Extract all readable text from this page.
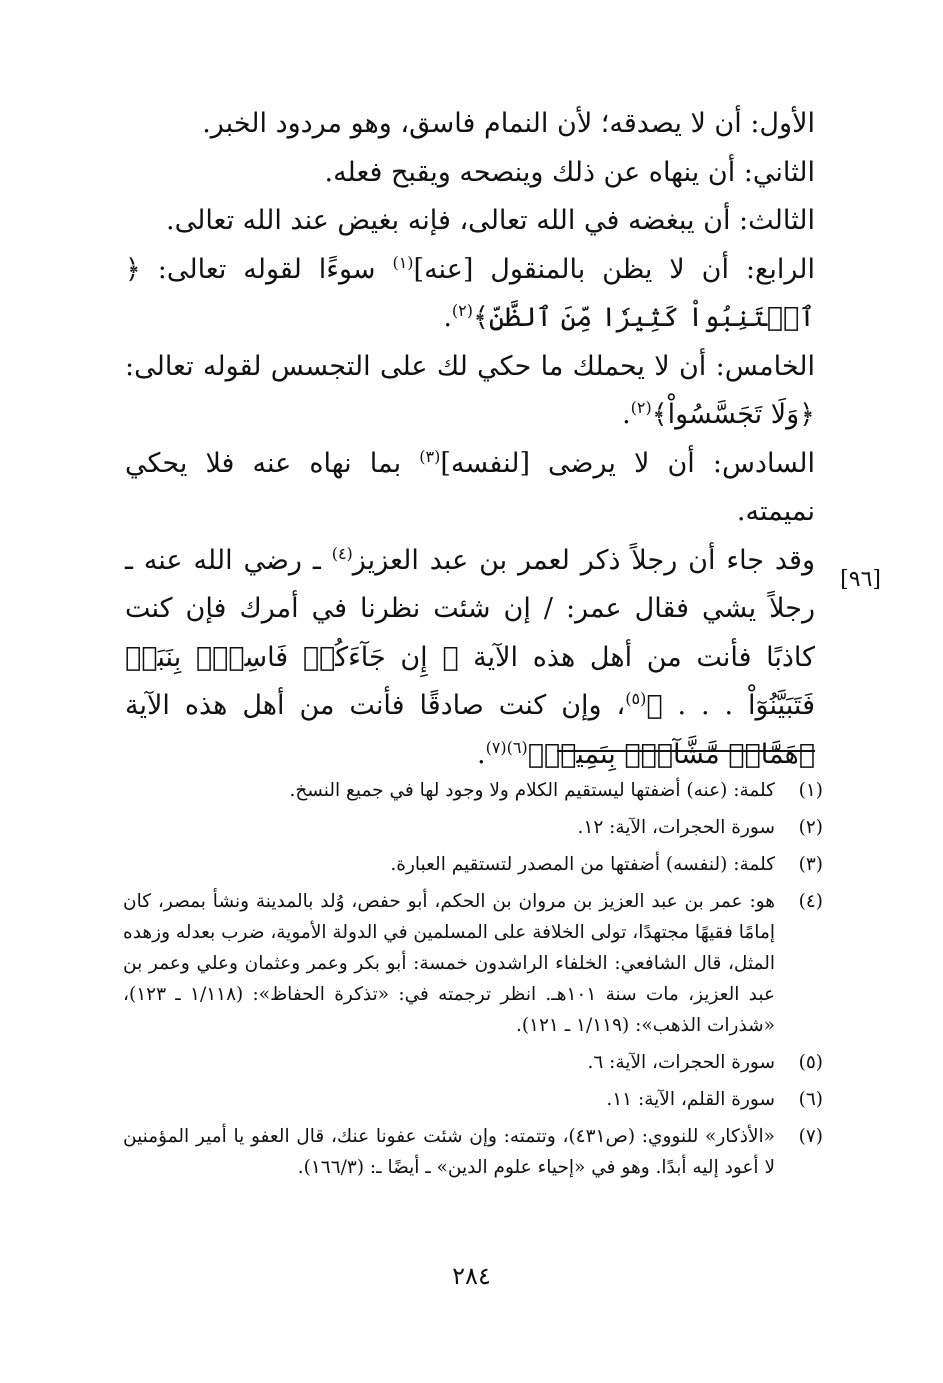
الأول: أن لا يصدقه؛ لأن النمام فاسق، وهو مردود الخبر.

الثاني: أن ينهاه عن ذلك وينصحه ويقبح فعله.

الثالث: أن يبغضه في الله تعالى، فإنه بغيض عند الله تعالى.

الرابع: أن لا يظن بالمنقول [عنه]$^{(١)}$ سوءًا لقوله تعالى: ﴿ ٱجۡتَنِبُواْ كَثِيرٗا مِّنَ ٱلظَّنِّ﴾$^{(٢)}$.

الخامس: أن لا يحملك ما حكي لك على التجسس لقوله تعالى: ﴿وَلَا تَجَسَّسُواْ﴾$^{(٢)}$.

السادس: أن لا يرضى [لنفسه]$^{(٣)}$ بما نهاه عنه فلا يحكي نميمته.

وقد جاء أن رجلاً ذكر لعمر بن عبد العزيز$^{(٤)}$ ـ رضي الله عنه ـ رجلاً يشي فقال عمر: / إن شئت نظرنا في أمرك فإن كنت كاذبًا فأنت من أهل هذه الآية ﴿ إِن جَآءَكُمۡ فَاسِقُۢ بِنَبَإٖ فَتَبَيَّنُوٓاْ . . . ﴾$^{(٥)}$، وإن كنت صادقًا فأنت من أهل هذه الآية ﴿هَمَّازٖ مَّشَّآءِۭ بِنَمِيمٖ﴾$^{(٦)(٧)}$.

[٩٦]
(١)
كلمة: (عنه) أضفتها ليستقيم الكلام ولا وجود لها في جميع النسخ.
(٢)
سورة الحجرات، الآية: ١٢.
(٣)
كلمة: (لنفسه) أضفتها من المصدر لتستقيم العبارة.
(٤)
هو: عمر بن عبد العزيز بن مروان بن الحكم، أبو حفص، وُلد بالمدينة ونشأ بمصر، كان إمامًا فقيهًا مجتهدًا، تولى الخلافة على المسلمين في الدولة الأموية، ضرب بعدله وزهده المثل، قال الشافعي: الخلفاء الراشدون خمسة: أبو بكر وعمر وعثمان وعلي وعمر بن عبد العزيز، مات سنة ١٠١هـ. انظر ترجمته في: «تذكرة الحفاظ»: (١/١١٨ ـ ١٢٣)، «شذرات الذهب»: (١/١١٩ ـ ١٢١).
(٥)
سورة الحجرات، الآية: ٦.
(٦)
سورة القلم، الآية: ١١.
(٧)
«الأذكار» للنووي: (ص٤٣١)، وتتمته: وإن شئت عفونا عنك، قال العفو يا أمير المؤمنين لا أعود إليه أبدًا. وهو في «إحياء علوم الدين» ـ أيضًا ـ: (١٦٦/٣).
٢٨٤
